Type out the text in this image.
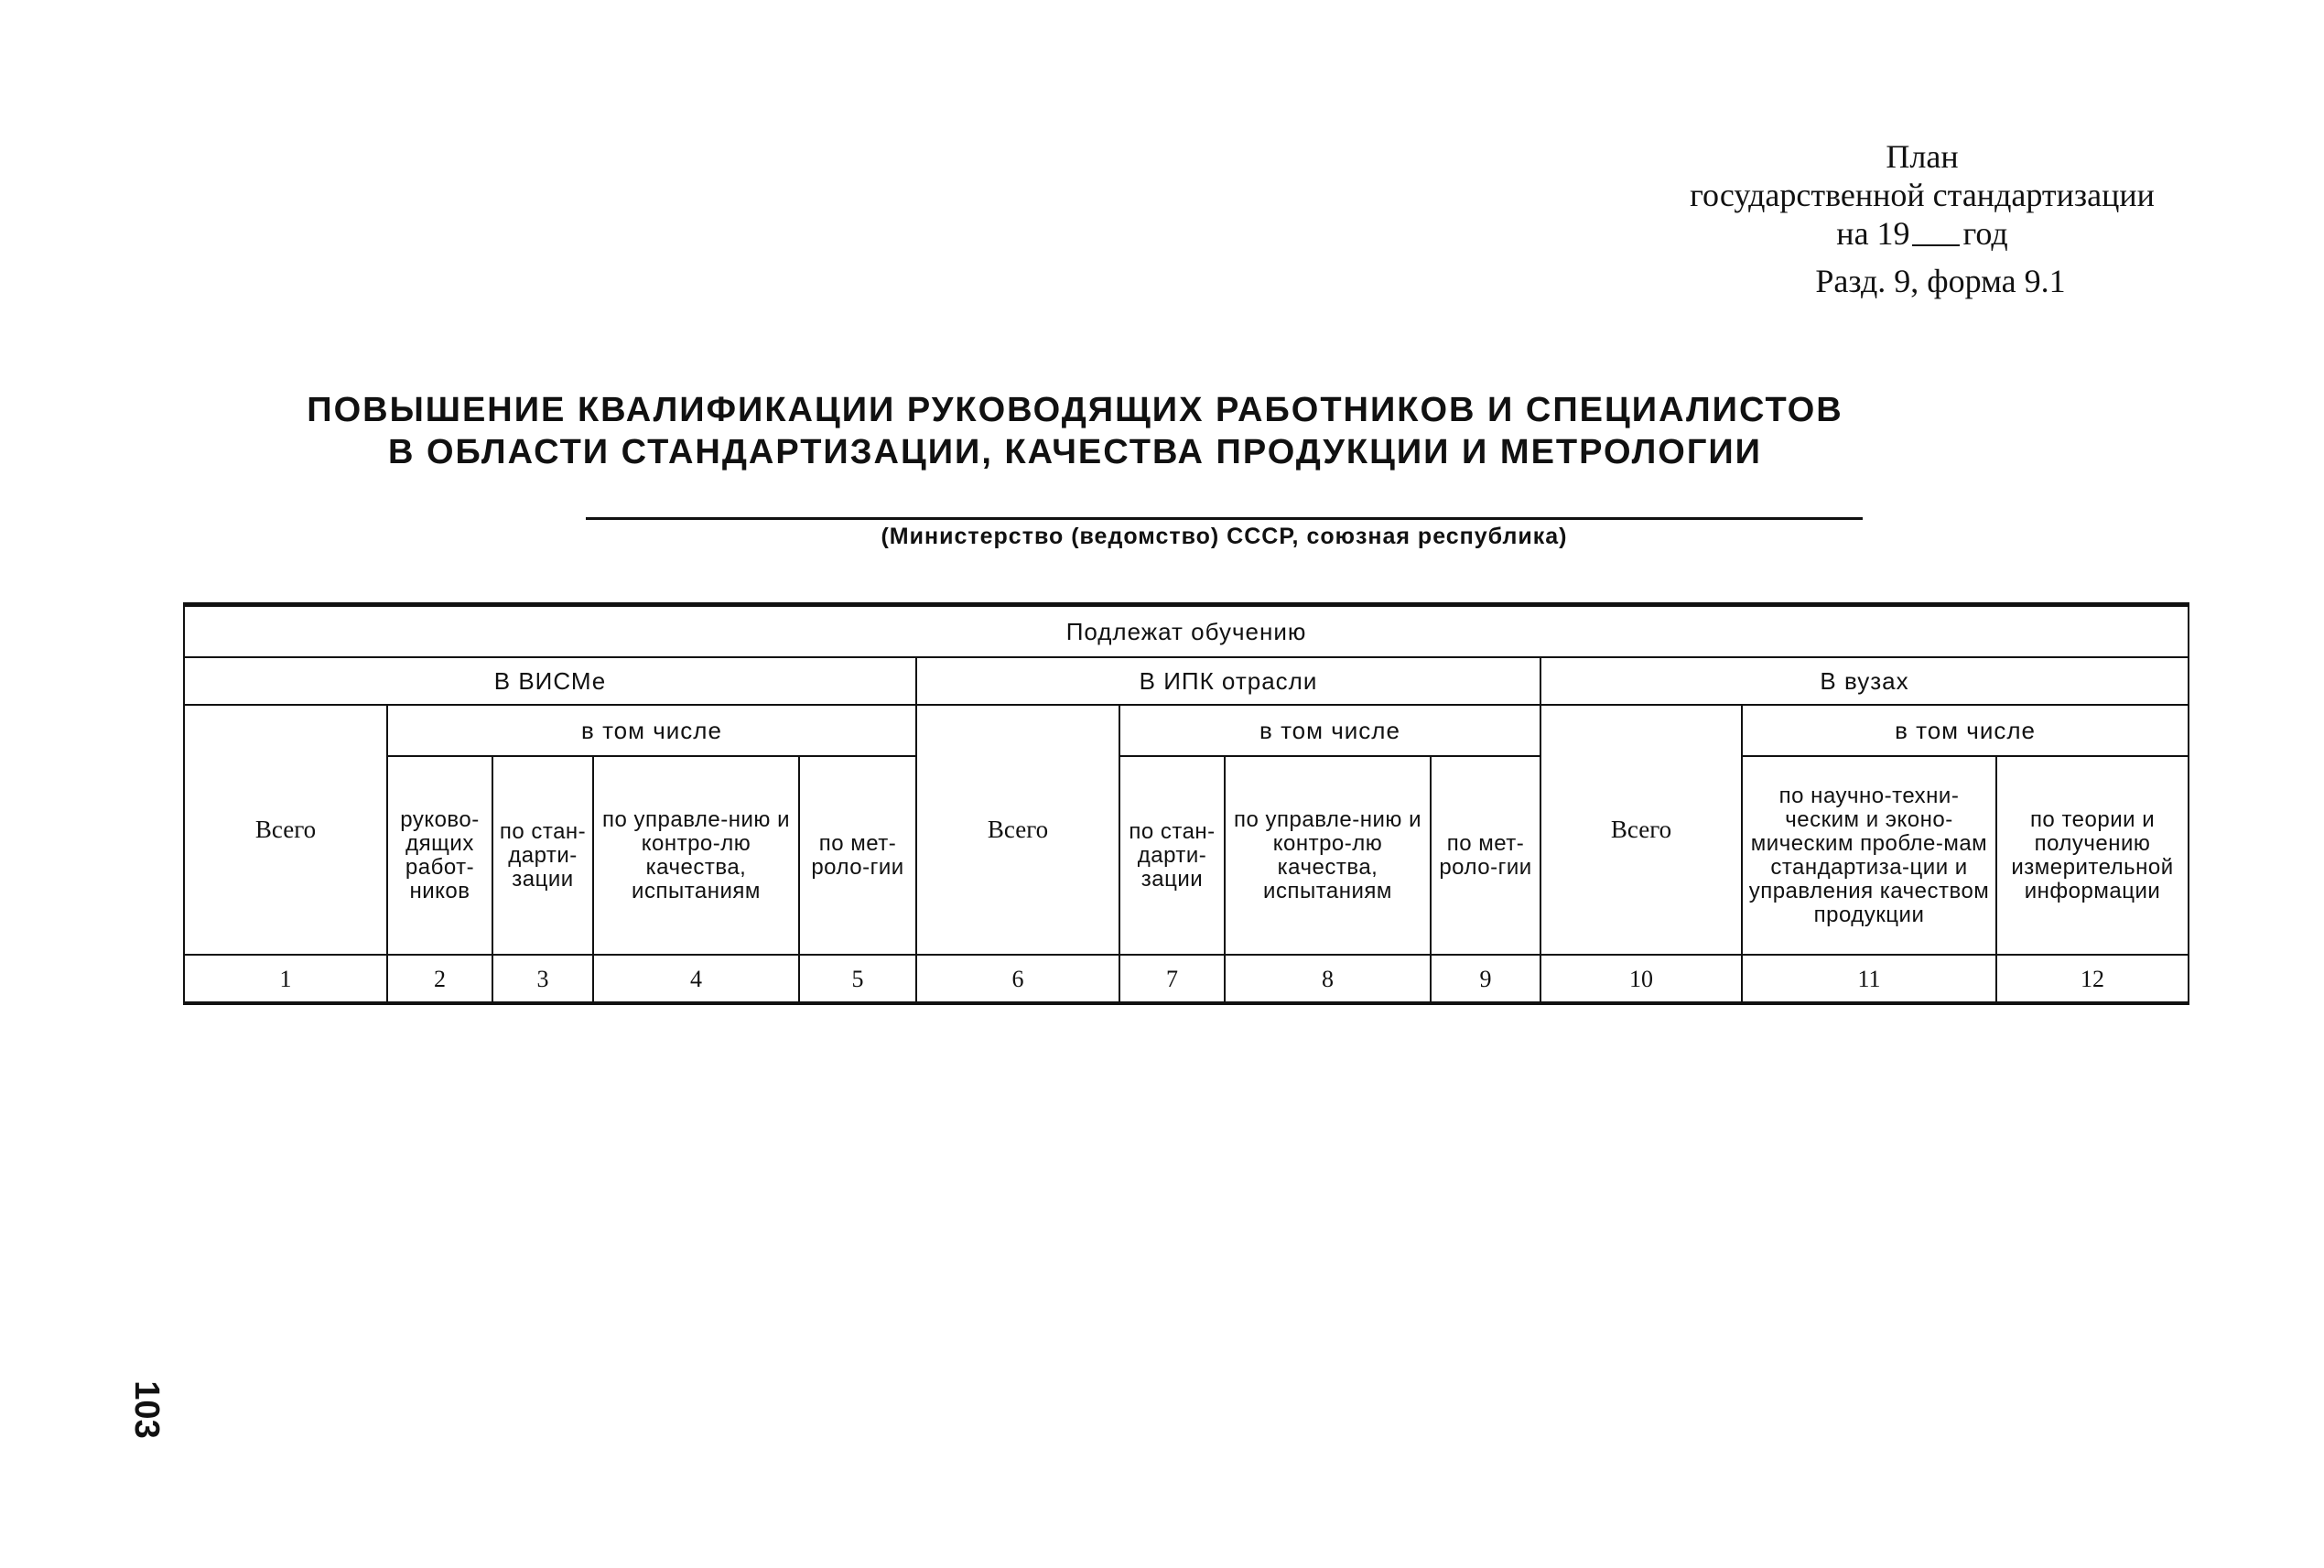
План
государственной стандартизации
на 19 год
Разд. 9, форма 9.1
ПОВЫШЕНИЕ КВАЛИФИКАЦИИ РУКОВОДЯЩИХ РАБОТНИКОВ И СПЕЦИАЛИСТОВ
В ОБЛАСТИ СТАНДАРТИЗАЦИИ, КАЧЕСТВА ПРОДУКЦИИ И МЕТРОЛОГИИ
(Министерство (ведомство) СССР, союзная республика)
Подлежат обучению											
В ВИСМе					В ИПК отрасли				В вузах		
Всего	в том числе				Всего	в том числе			Всего	в том числе	
	руково-дящих работ-ников	по стан-дарти-зации	по управле-нию и контро-лю качества, испытаниям	по мет-роло-гии		по стан-дарти-зации	по управле-нию и контро-лю качества, испытаниям	по мет-роло-гии		по научно-техни-ческим и эконо-мическим пробле-мам стандартиза-ции и управления качеством продукции	по теории и получению измерительной информации
1	2	3	4	5	6	7	8	9	10	11	12
103
